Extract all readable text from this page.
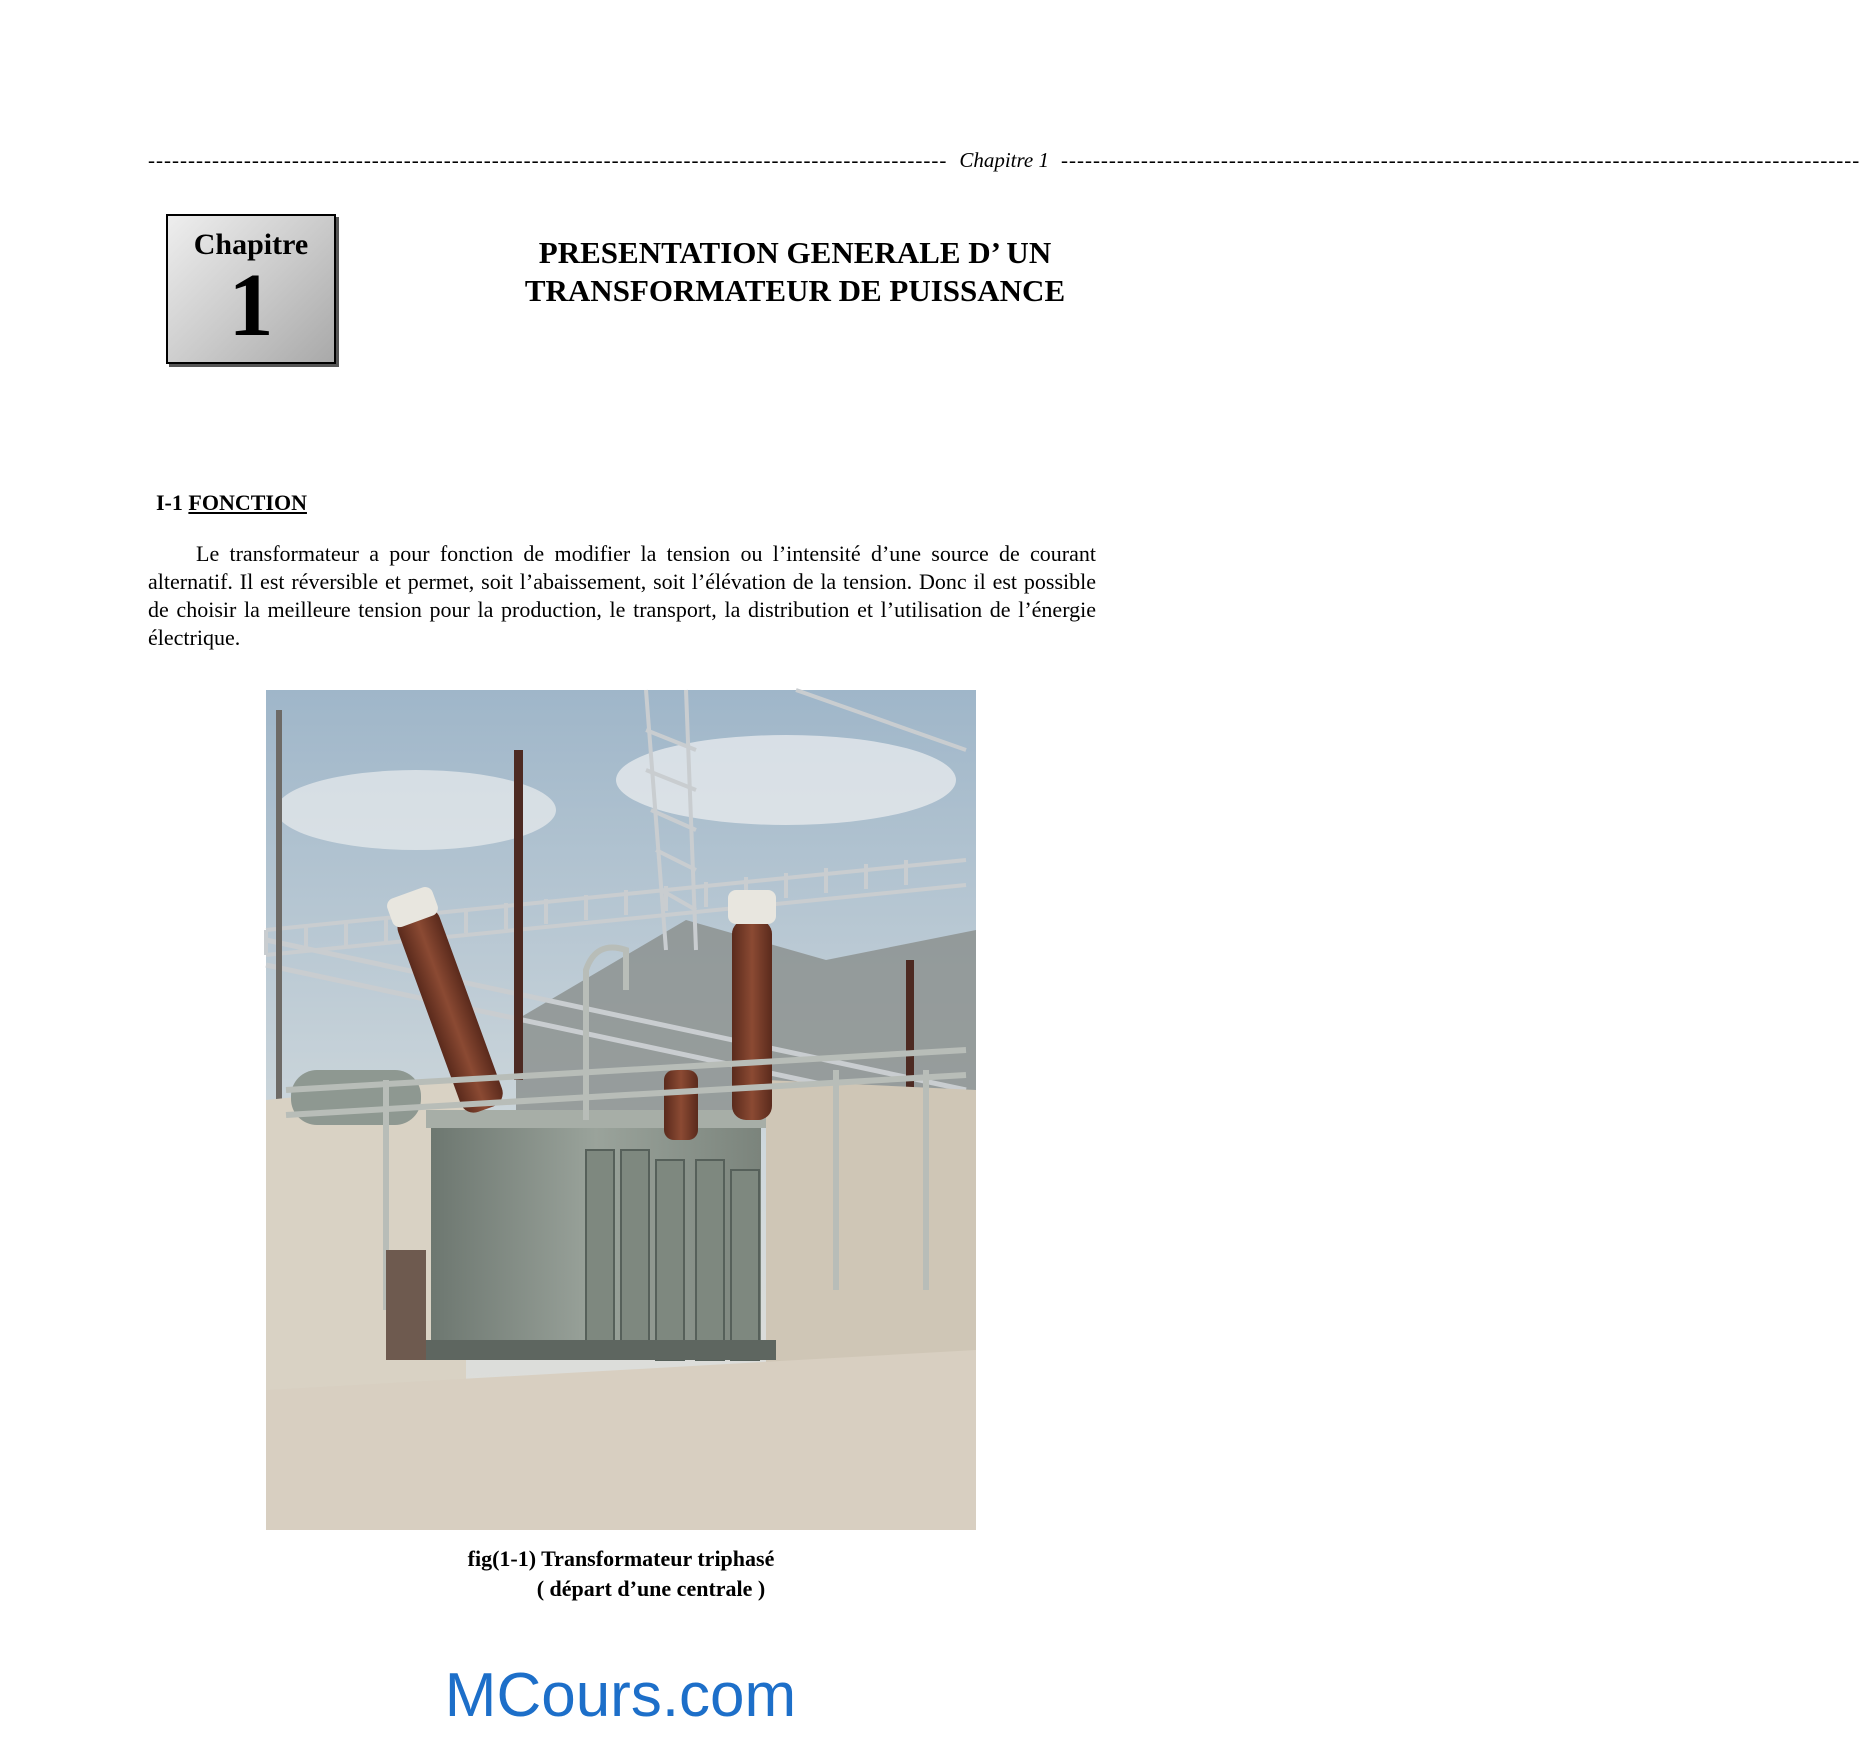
---------------------------------------------------------------------------------------------------- Chapitre 1 ----------------------------------------------------------------------------------------------------
Chapitre
1
PRESENTATION GENERALE D’ UN
TRANSFORMATEUR DE PUISSANCE
I-1 FONCTION

Le transformateur a pour fonction de modifier la tension ou l’intensité d’une source de courant alternatif. Il est réversible et permet, soit l’abaissement, soit l’élévation de la tension. Donc il est possible de choisir la meilleure tension pour la production, le transport, la distribution et l’utilisation de l’énergie électrique.

fig(1-1) Transformateur triphasé
( départ d’une centrale )
MCours.com
